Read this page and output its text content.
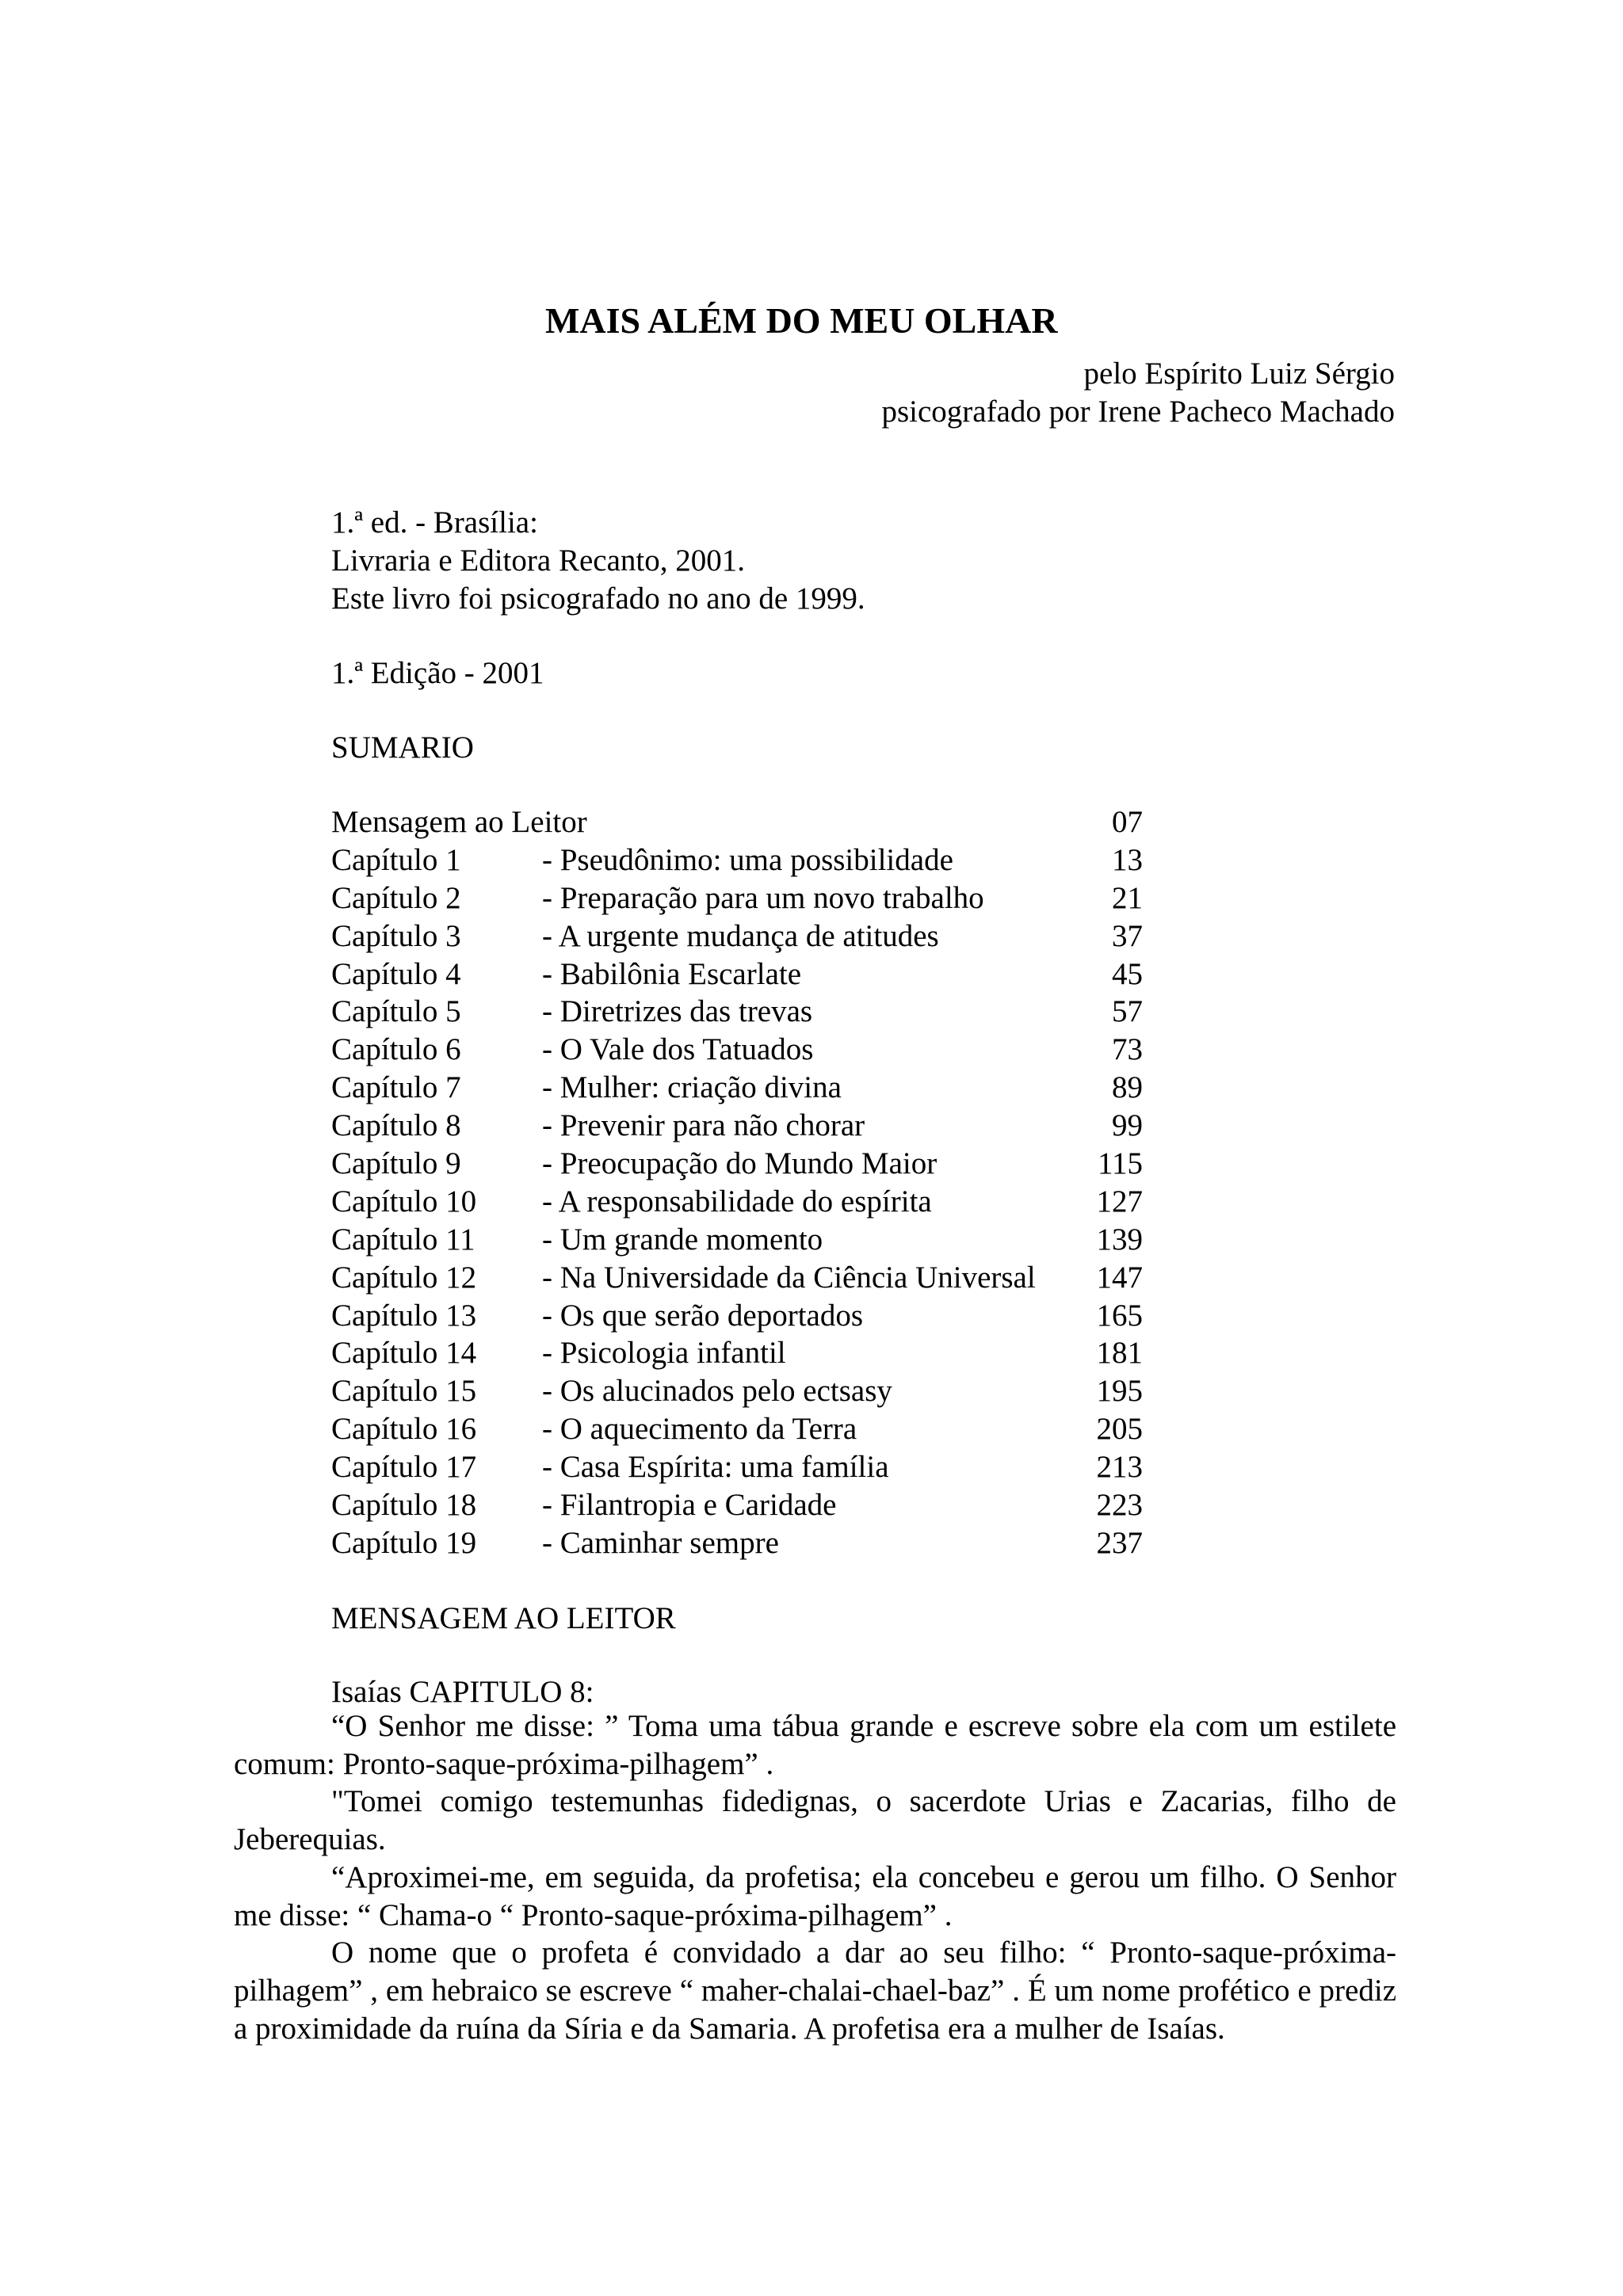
MAIS ALÉM DO MEU OLHAR
pelo Espírito Luiz Sérgio
psicografado por Irene Pacheco Machado
1.ª ed. - Brasília:
Livraria e Editora Recanto, 2001.
Este livro foi psicografado no ano de 1999.
1.ª Edição - 2001
SUMARIO
Mensagem ao Leitor	07
Capítulo 1	- Pseudônimo: uma possibilidade	13
Capítulo 2	- Preparação para um novo trabalho	21
Capítulo 3	- A urgente mudança de atitudes	37
Capítulo 4	- Babilônia Escarlate	45
Capítulo 5	- Diretrizes das trevas	57
Capítulo 6	- O Vale dos Tatuados	73
Capítulo 7	- Mulher: criação divina	89
Capítulo 8	- Prevenir para não chorar	99
Capítulo 9	- Preocupação do Mundo Maior	115
Capítulo 10 - A responsabilidade do espírita	127
Capítulo 11 - Um grande momento	139
Capítulo 12 - Na Universidade da Ciência Universal	147
Capítulo 13 - Os que serão deportados	165
Capítulo 14 - Psicologia infantil	181
Capítulo 15 - Os alucinados pelo ectsasy	195
Capítulo 16 - O aquecimento da Terra	205
Capítulo 17 - Casa Espírita: uma família	213
Capítulo 18 - Filantropia e Caridade	223
Capítulo 19 - Caminhar sempre	237
MENSAGEM AO LEITOR
Isaías CAPITULO 8:
“O Senhor me disse: ” Toma uma tábua grande e escreve sobre ela com um estilete comum: Pronto-saque-próxima-pilhagem” .
"Tomei comigo testemunhas fidedignas, o sacerdote Urias e Zacarias, filho de Jeberequias.
“Aproximei-me, em seguida, da profetisa; ela concebeu e gerou um filho. O Senhor me disse: “ Chama-o “ Pronto-saque-próxima-pilhagem” .
O nome que o profeta é convidado a dar ao seu filho: “ Pronto-saque-próxima-pilhagem” , em hebraico se escreve “ maher-chalai-chael-baz” . É um nome profético e prediz a proximidade da ruína da Síria e da Samaria. A profetisa era a mulher de Isaías.
